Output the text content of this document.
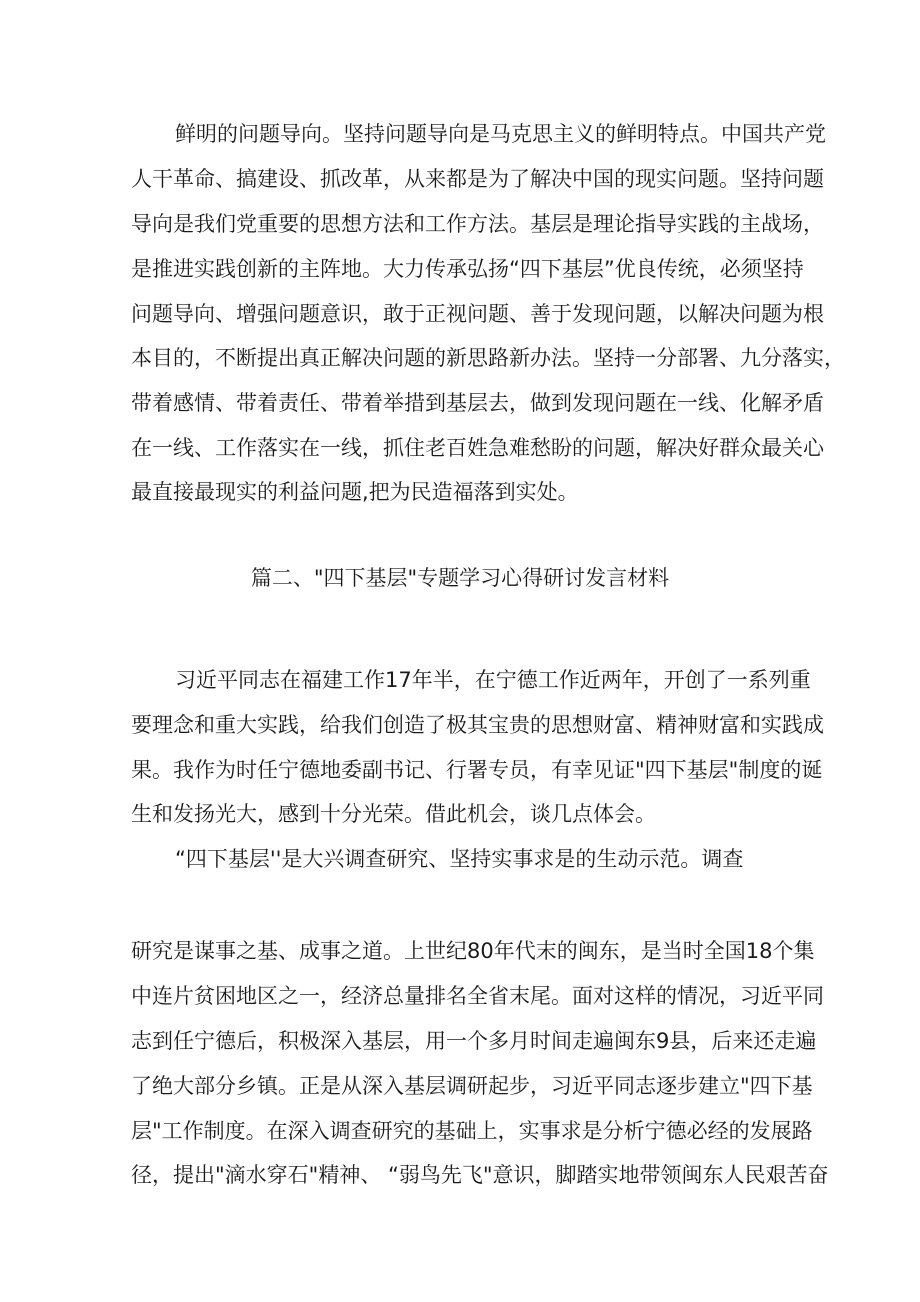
鲜明的问题导向。坚持问题导向是马克思主义的鲜明特点。中国共产党
人干革命、搞建设、抓改革，从来都是为了解决中国的现实问题。坚持问题
导向是我们党重要的思想方法和工作方法。基层是理论指导实践的主战场，
是推进实践创新的主阵地。大力传承弘扬“四下基层”优良传统，必须坚持
问题导向、增强问题意识，敢于正视问题、善于发现问题，以解决问题为根
本目的，不断提出真正解决问题的新思路新办法。坚持一分部署、九分落实，
带着感情、带着责任、带着举措到基层去，做到发现问题在一线、化解矛盾
在一线、工作落实在一线，抓住老百姓急难愁盼的问题，解决好群众最关心
最直接最现实的利益问题,把为民造福落到实处。
篇二、"四下基层"专题学习心得研讨发言材料
习近平同志在福建工作17年半，在宁德工作近两年，开创了一系列重
要理念和重大实践，给我们创造了极其宝贵的思想财富、精神财富和实践成
果。我作为时任宁德地委副书记、行署专员，有幸见证"四下基层"制度的诞
生和发扬光大，感到十分光荣。借此机会，谈几点体会。
“四下基层''是大兴调查研究、坚持实事求是的生动示范。调查
研究是谋事之基、成事之道。上世纪80年代末的闽东，是当时全国18个集
中连片贫困地区之一，经济总量排名全省末尾。面对这样的情况，习近平同
志到任宁德后，积极深入基层，用一个多月时间走遍闽东9县，后来还走遍
了绝大部分乡镇。正是从深入基层调研起步，习近平同志逐步建立"四下基
层"工作制度。在深入调查研究的基础上，实事求是分析宁德必经的发展路
径，提出"滴水穿石"精神、 “弱鸟先飞"意识，脚踏实地带领闽东人民艰苦奋
